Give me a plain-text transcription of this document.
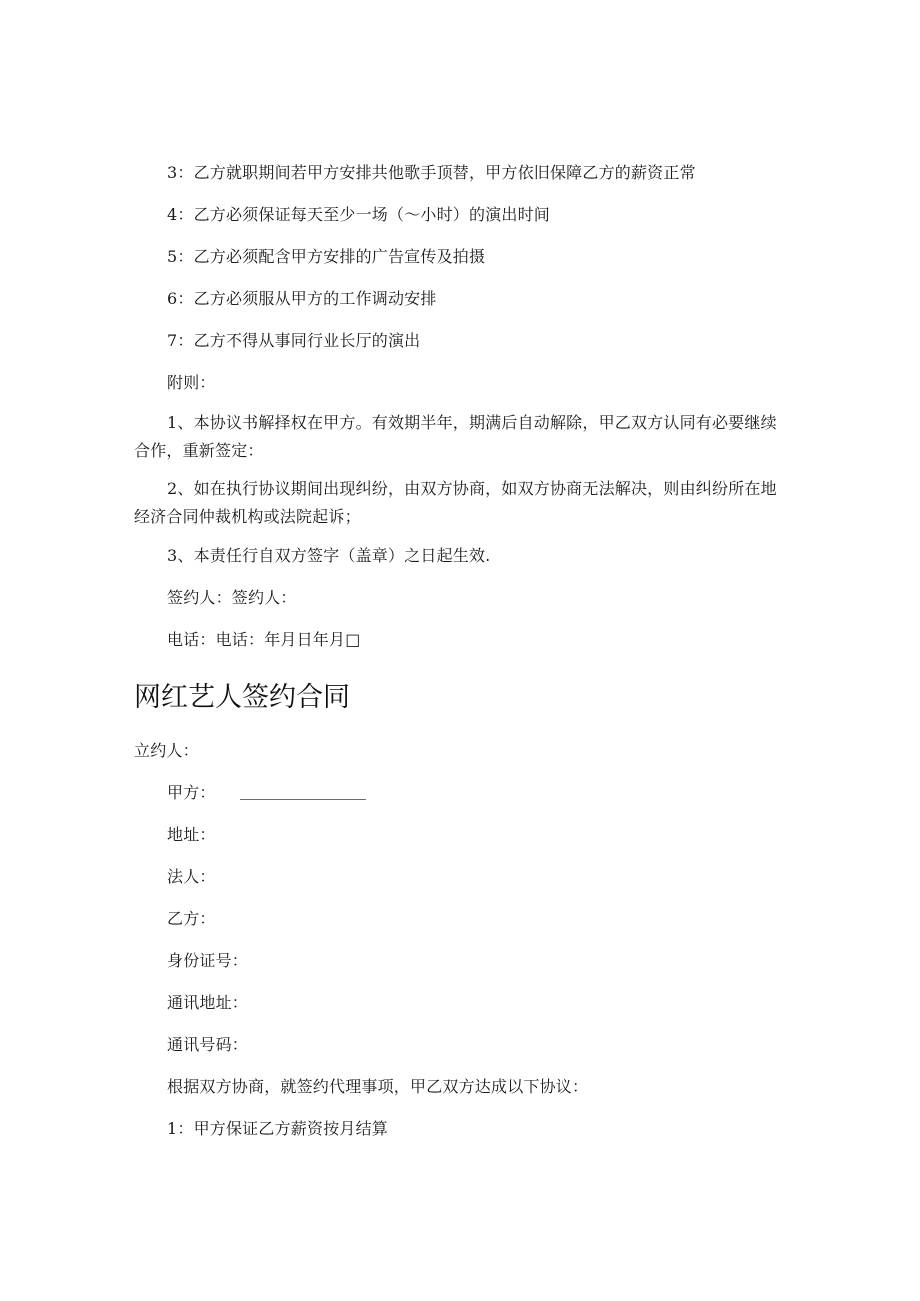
3：乙方就职期间若甲方安排共他歌手顶替，甲方依旧保障乙方的薪资正常
4：乙方必须保证每天至少一场（～小时）的演出时间
5：乙方必须配含甲方安排的广告宣传及拍摄
6：乙方必须服从甲方的工作调动安排
7：乙方不得从事同行业长厅的演出
附则：
1、本协议书解择权在甲方。有效期半年，期满后自动解除，甲乙双方认同有必要继续合作，重新签定：
2、如在执行协议期间出现纠纷，由双方协商，如双方协商无法解决，则由纠纷所在地经济合同仲裁机构或法院起诉；
3、本责任行自双方签字（盖章）之日起生效.
签约人：签约人：
电话：电话：年月日年月□
网红艺人签约合同
立约人：
甲方：
地址：
法人：
乙方：
身份证号：
通讯地址：
通讯号码：
根据双方协商，就签约代理事项，甲乙双方达成以下协议：
1：甲方保证乙方薪资按月结算
